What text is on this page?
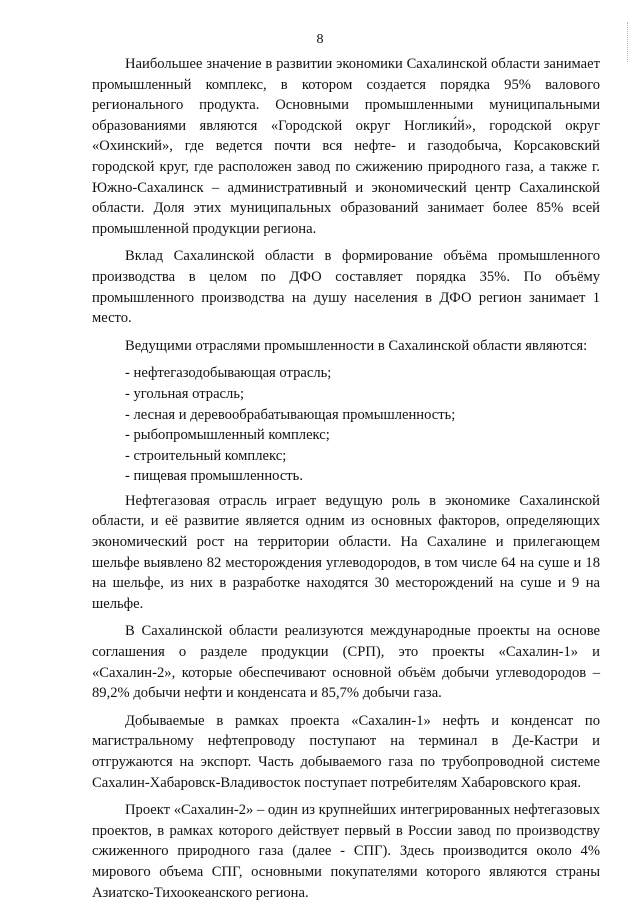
8

Наибольшее значение в развитии экономики Сахалинской области занимает промышленный комплекс, в котором создается порядка 95% валового регионального продукта. Основными промышленными муниципальными образованиями являются «Городской округ Ноглики́й», городской округ «Охинский», где ведется почти вся нефте- и газодобыча, Корсаковский городской круг, где расположен завод по сжижению природного газа, а также г. Южно-Сахалинск – административный и экономический центр Сахалинской области. Доля этих муниципальных образований занимает более 85% всей промышленной продукции региона.

Вклад Сахалинской области в формирование объёма промышленного производства в целом по ДФО составляет порядка 35%. По объёму промышленного производства на душу населения в ДФО регион занимает 1 место.

Ведущими отраслями промышленности в Сахалинской области являются:

- нефтегазодобывающая отрасль;
- угольная отрасль;
- лесная и деревообрабатывающая промышленность;
- рыбопромышленный комплекс;
- строительный комплекс;
- пищевая промышленность.

Нефтегазовая отрасль играет ведущую роль в экономике Сахалинской области, и её развитие является одним из основных факторов, определяющих экономический рост на территории области. На Сахалине и прилегающем шельфе выявлено 82 месторождения углеводородов, в том числе 64 на суше и 18 на шельфе, из них в разработке находятся 30 месторождений на суше и 9 на шельфе.

В Сахалинской области реализуются международные проекты на основе соглашения о разделе продукции (СРП), это проекты «Сахалин-1» и «Сахалин-2», которые обеспечивают основной объём добычи углеводородов – 89,2% добычи нефти и конденсата и 85,7% добычи газа.

Добываемые в рамках проекта «Сахалин-1» нефть и конденсат по магистральному нефтепроводу поступают на терминал в Де-Кастри и отгружаются на экспорт. Часть добываемого газа по трубопроводной системе Сахалин-Хабаровск-Владивосток поступает потребителям Хабаровского края.

Проект «Сахалин-2» – один из крупнейших интегрированных нефтегазовых проектов, в рамках которого действует первый в России завод по производству сжиженного природного газа (далее - СПГ). Здесь производится около 4% мирового объема СПГ, основными покупателями которого являются страны Азиатско-Тихоокеанского региона.
